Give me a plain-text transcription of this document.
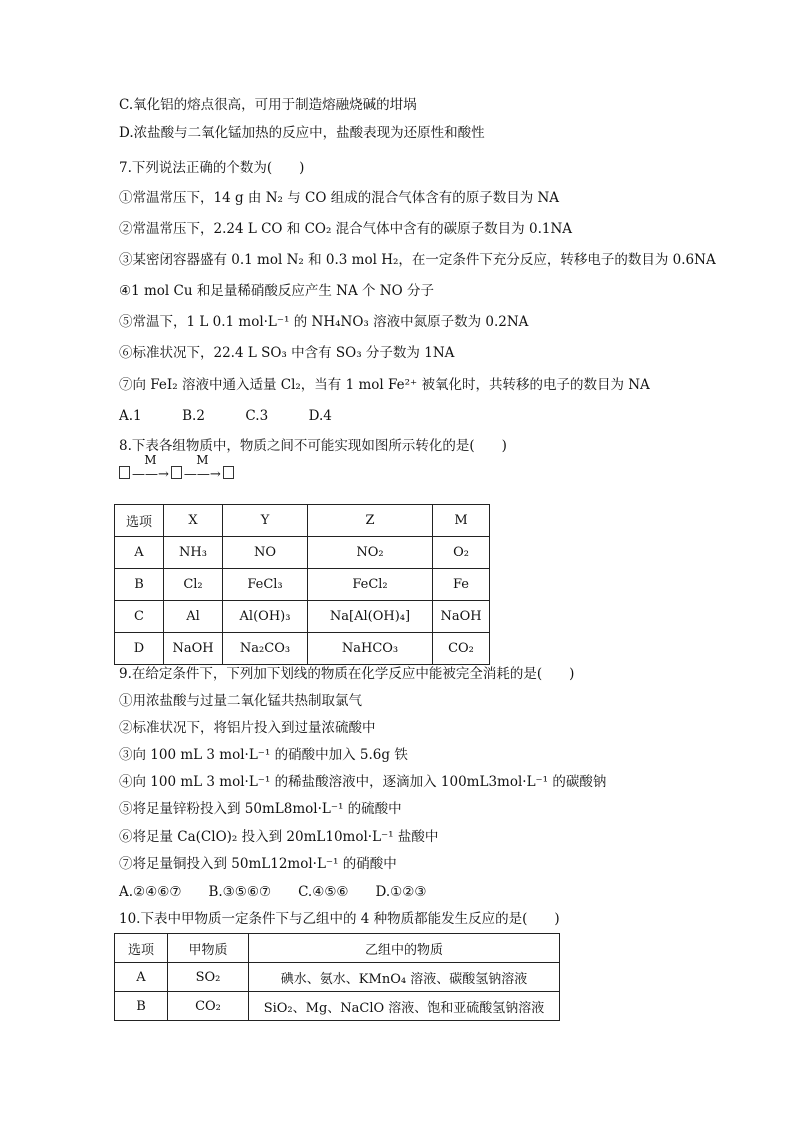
C.氧化铝的熔点很高，可用于制造熔融烧碱的坩埚
D.浓盐酸与二氧化锰加热的反应中，盐酸表现为还原性和酸性
7.下列说法正确的个数为(　　)
①常温常压下，14 g 由 N₂ 与 CO 组成的混合气体含有的原子数目为 NA
②常温常压下，2.24 L CO 和 CO₂ 混合气体中含有的碳原子数目为 0.1NA
③某密闭容器盛有 0.1 mol N₂ 和 0.3 mol H₂，在一定条件下充分反应，转移电子的数目为 0.6NA
④1 mol Cu 和足量稀硝酸反应产生 NA 个 NO 分子
⑤常温下，1 L 0.1 mol·L⁻¹ 的 NH₄NO₃ 溶液中氮原子数为 0.2NA
⑥标准状况下，22.4 L SO₃ 中含有 SO₃ 分子数为 1NA
⑦向 FeI₂ 溶液中通入适量 Cl₂，当有 1 mol Fe²⁺ 被氧化时，共转移的电子的数目为 NA
A.1　　　B.2　　　C.3　　　D.4
8.下表各组物质中，物质之间不可能实现如图所示转化的是(　　)
M
——→
M
——→
选项	X	Y	Z	M
A	NH₃	NO	NO₂	O₂
B	Cl₂	FeCl₃	FeCl₂	Fe
C	Al	Al(OH)₃	Na[Al(OH)₄]	NaOH
D	NaOH	Na₂CO₃	NaHCO₃	CO₂
9.在给定条件下，下列加下划线的物质在化学反应中能被完全消耗的是(　　)
①用浓盐酸与过量二氧化锰共热制取氯气
②标准状况下，将铝片投入到过量浓硫酸中
③向 100 mL 3 mol·L⁻¹ 的硝酸中加入 5.6g 铁
④向 100 mL 3 mol·L⁻¹ 的稀盐酸溶液中，逐滴加入 100mL3mol·L⁻¹ 的碳酸钠
⑤将足量锌粉投入到 50mL8mol·L⁻¹ 的硫酸中
⑥将足量 Ca(ClO)₂ 投入到 20mL10mol·L⁻¹ 盐酸中
⑦将足量铜投入到 50mL12mol·L⁻¹ 的硝酸中
A.②④⑥⑦　　B.③⑤⑥⑦　　C.④⑤⑥　　D.①②③
10.下表中甲物质一定条件下与乙组中的 4 种物质都能发生反应的是(　　)
选项	甲物质	乙组中的物质
A	SO₂	碘水、氨水、KMnO₄ 溶液、碳酸氢钠溶液
B	CO₂	SiO₂、Mg、NaClO 溶液、饱和亚硫酸氢钠溶液
